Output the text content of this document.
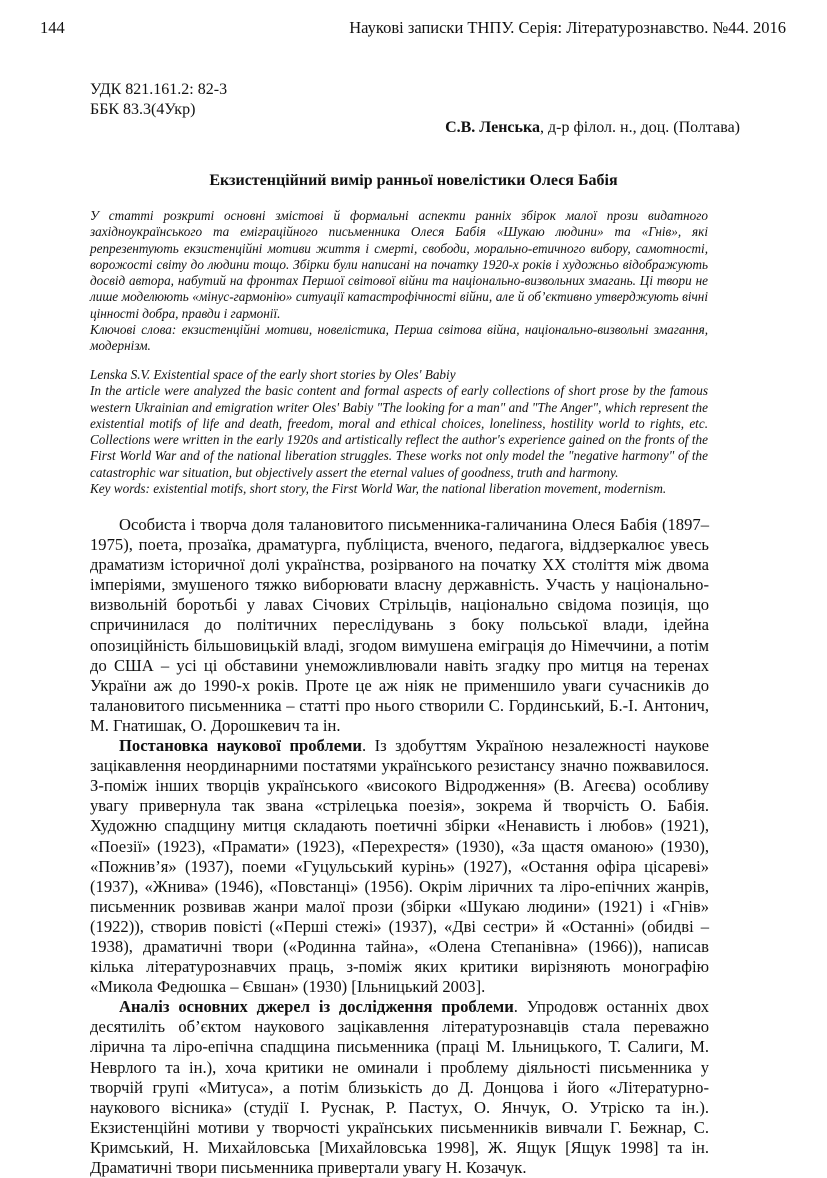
144	Наукові записки ТНПУ. Серія: Літературознавство. №44. 2016
УДК 821.161.2: 82-3
ББК 83.3(4Укр)
С.В. Ленська, д-р філол. н., доц. (Полтава)
Екзистенційний вимір ранньої новелістики Олеся Бабія

У статті розкриті основні змістові й формальні аспекти ранніх збірок малої прози видатного західноукраїнського та еміграційного письменника Олеся Бабія «Шукаю людини» та «Гнів», які репрезентують екзистенційні мотиви життя і смерті, свободи, морально-етичного вибору, самотності, ворожості світу до людини тощо. Збірки були написані на початку 1920-х років і художньо відображують досвід автора, набутий на фронтах Першої світової війни та національно-визвольних змагань. Ці твори не лише моделюють «мінус-гармонію» ситуації катастрофічності війни, але й об’єктивно утверджують вічні цінності добра, правди і гармонії.

Ключові слова: екзистенційні мотиви, новелістика, Перша світова війна, національно-визвольні змагання, модернізм.

Lenska S.V. Existential space of the early short stories by Oles' Babiy

In the article were analyzed the basic content and formal aspects of early collections of short prose by the famous western Ukrainian and emigration writer Oles' Babiy "The looking for a man" and "The Anger", which represent the existential motifs of life and death, freedom, moral and ethical choices, loneliness, hostility world to rights, etc. Collections were written in the early 1920s and artistically reflect the author's experience gained on the fronts of the First World War and of the national liberation struggles. These works not only model the "negative harmony" of the catastrophic war situation, but objectively assert the eternal values of goodness, truth and harmony.

Key words: existential motifs, short story, the First World War, the national liberation movement, modernism.

Особиста і творча доля талановитого письменника-галичанина Олеся Бабія (1897–1975), поета, прозаїка, драматурга, публіциста, вченого, педагога, віддзеркалює увесь драматизм історичної долі українства, розірваного на початку ХХ століття між двома імперіями, змушеного тяжко виборювати власну державність. Участь у національно-визвольній боротьбі у лавах Січових Стрільців, національно свідома позиція, що спричинилася до політичних переслідувань з боку польської влади, ідейна опозиційність більшовицькій владі, згодом вимушена еміграція до Німеччини, а потім до США – усі ці обставини унеможливлювали навіть згадку про митця на теренах України аж до 1990-х років. Проте це аж ніяк не применшило уваги сучасників до талановитого письменника – статті про нього створили С. Гординський, Б.-І. Антонич, М. Гнатишак, О. Дорошкевич та ін.

Постановка наукової проблеми. Із здобуттям Україною незалежності наукове зацікавлення неординарними постатями українського резистансу значно пожвавилося. З-поміж інших творців українського «високого Відродження» (В. Агеєва) особливу увагу привернула так звана «стрілецька поезія», зокрема й творчість О. Бабія. Художню спадщину митця складають поетичні збірки «Ненависть і любов» (1921), «Поезії» (1923), «Прамати» (1923), «Перехрестя» (1930), «За щастя оманою» (1930), «Пожнив’я» (1937), поеми «Гуцульський курінь» (1927), «Остання офіра цісареві» (1937), «Жнива» (1946), «Повстанці» (1956). Окрім ліричних та ліро-епічних жанрів, письменник розвивав жанри малої прози (збірки «Шукаю людини» (1921) і «Гнів» (1922)), створив повісті («Перші стежі» (1937), «Дві сестри» й «Останні» (обидві – 1938), драматичні твори («Родинна тайна», «Олена Степанівна» (1966)), написав кілька літературознавчих праць, з-поміж яких критики вирізняють монографію «Микола Федюшка – Євшан» (1930) [Ільницький 2003].

Аналіз основних джерел із дослідження проблеми. Упродовж останніх двох десятиліть об’єктом наукового зацікавлення літературознавців стала переважно лірична та ліро-епічна спадщина письменника (праці М. Ільницького, Т. Салиги, М. Неврлого та ін.), хоча критики не оминали і проблему діяльності письменника у творчій групі «Митуса», а потім близькість до Д. Донцова і його «Літературно-наукового вісника» (студії І. Руснак, Р. Пастух, О. Янчук, О. Утріско та ін.). Екзистенційні мотиви у творчості українських письменників вивчали Г. Бежнар, С. Кримський, Н. Михайловська [Михайловська 1998], Ж. Ящук [Ящук 1998] та ін. Драматичні твори письменника привертали увагу Н. Козачук.
